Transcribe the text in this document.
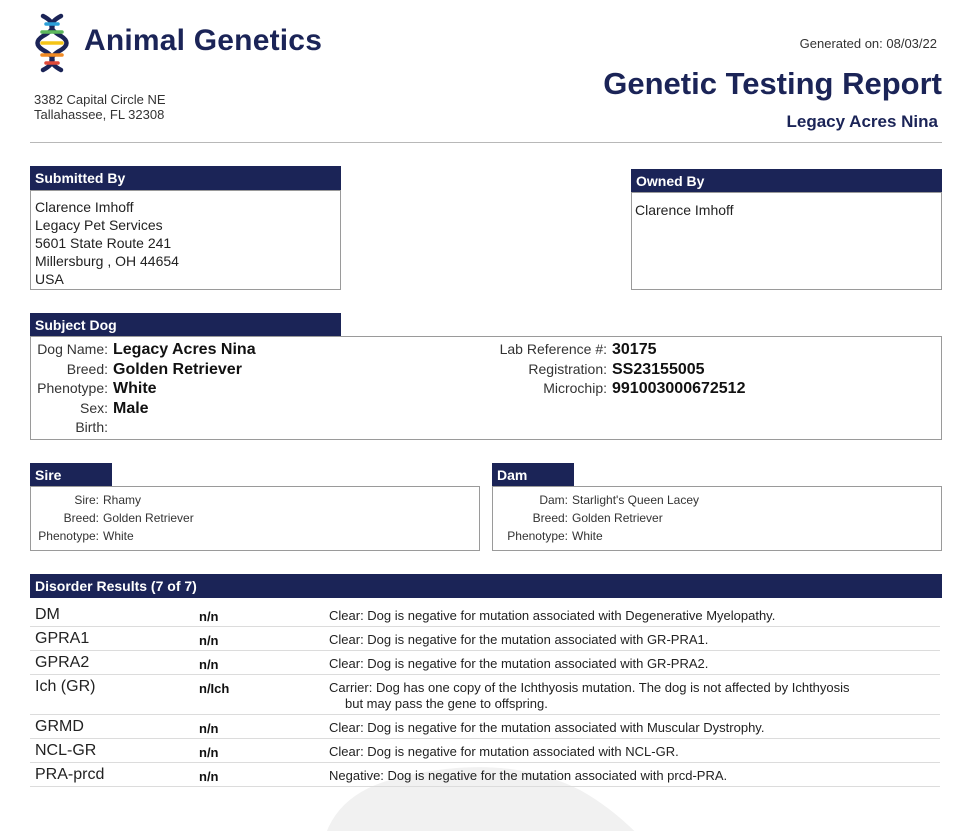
Animal Genetics
3382 Capital Circle NE
Tallahassee, FL 32308
Generated on: 08/03/22
Genetic Testing Report
Legacy Acres Nina
Submitted By
Clarence Imhoff
Legacy Pet Services
5601 State Route 241
Millersburg , OH 44654
USA
Owned By
Clarence Imhoff
Subject Dog
Dog Name: Legacy Acres Nina
Breed: Golden Retriever
Phenotype: White
Sex: Male
Birth:
Lab Reference #: 30175
Registration: SS23155005
Microchip: 991003000672512
Sire
Sire: Rhamy
Breed: Golden Retriever
Phenotype: White
Dam
Dam: Starlight's Queen Lacey
Breed: Golden Retriever
Phenotype: White
Disorder Results (7 of 7)
DM	n/n	Clear: Dog is negative for mutation associated with Degenerative Myelopathy.
GPRA1	n/n	Clear: Dog is negative for the mutation associated with GR-PRA1.
GPRA2	n/n	Clear: Dog is negative for the mutation associated with GR-PRA2.
Ich (GR)	n/Ich	Carrier: Dog has one copy of the Ichthyosis mutation. The dog is not affected by Ichthyosis
but may pass the gene to offspring.
GRMD	n/n	Clear: Dog is negative for the mutation associated with Muscular Dystrophy.
NCL-GR	n/n	Clear: Dog is negative for mutation associated with NCL-GR.
PRA-prcd	n/n	Negative: Dog is negative for the mutation associated with prcd-PRA.
